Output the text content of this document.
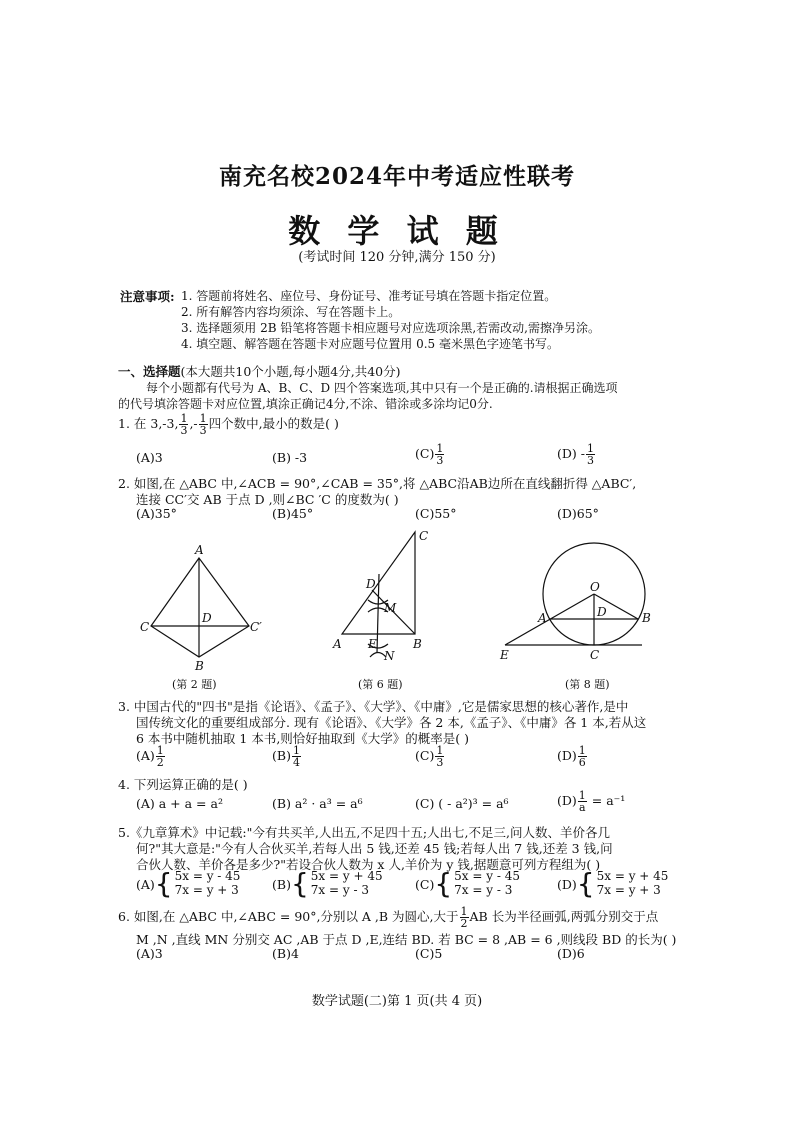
南充名校2024年中考适应性联考
数 学 试 题
(考试时间 120 分钟,满分 150 分)
注意事项: 1. 答题前将姓名、座位号、身份证号、准考证号填在答题卡指定位置。
2. 所有解答内容均须涂、写在答题卡上。
3. 选择题须用 2B 铅笔将答题卡相应题号对应选项涂黑,若需改动,需擦净另涂。
4. 填空题、解答题在答题卡对应题号位置用 0.5 毫米黑色字迹笔书写。
一、选择题(本大题共10个小题,每小题4分,共40分)
每个小题都有代号为 A、B、C、D 四个答案选项,其中只有一个是正确的.请根据正确选项
的代号填涂答题卡对应位置,填涂正确记4分,不涂、错涂或多涂均记0分.
1. 在 3,-3, $\frac{1}{3}$ ,- $\frac{1}{3}$ 四个数中,最小的数是( )
(A)3	(B) -3	$(C) \frac{1}{3}$	$(D) - \frac{1}{3}$
2. 如图,在 △ABC 中,∠ACB = 90°,∠CAB = 35°,将 △ABC沿AB边所在直线翻折得 △ABC′,
连接 CC′交 AB 于点 D ,则∠BC ′C 的度数为( )
(A)35°	(B)45°	(C)55°	(D)65°
A
C
D
C′
B
(第 2 题)
C
D
M
A E	B
N
(第 6 题)
O
A	D	B
E	C
(第 8 题)
3. 中国古代的"四书"是指《论语》、《孟子》、《大学》、《中庸》,它是儒家思想的核心著作,是中
国传统文化的重要组成部分. 现有《论语》、《大学》各 2 本,《孟子》、《中庸》各 1 本,若从这
6 本书中随机抽取 1 本书,则恰好抽取到《大学》的概率是( )
$(A) \frac{1}{2}$	$(B) \frac{1}{4}$	$(C) \frac{1}{3}$	$(D) \frac{1}{6}$
4. 下列运算正确的是( )
(A) a + a = a²	(B) a² · a³ = a⁶	(C) ( - a²)³ = a⁶	$(D) \frac{1}{a} = a^{-1}$
5.《九章算术》中记载:"今有共买羊,人出五,不足四十五;人出七,不足三,问人数、羊价各几
何?"其大意是:"今有人合伙买羊,若每人出 5 钱,还差 45 钱;若每人出 7 钱,还差 3 钱,问
合伙人数、羊价各是多少?"若设合伙人数为 x 人,羊价为 y 钱,据题意可列方程组为( )
(A) { 5x = y - 45
7x = y + 3	(B) { 5x = y + 45
7x = y - 3	(C) { 5x = y - 45
7x = y - 3	(D) { 5x = y + 45
7x = y + 3
6. 如图,在 △ABC 中,∠ABC = 90°,分别以 A ,B 为圆心,大于 $\frac{1}{2}$ AB 长为半径画弧,两弧分别交于点
M ,N ,直线 MN 分别交 AC ,AB 于点 D ,E,连结 BD. 若 BC = 8 ,AB = 6 ,则线段 BD 的长为( )
(A)3	(B)4	(C)5	(D)6
数学试题(二)第 1 页(共 4 页)
